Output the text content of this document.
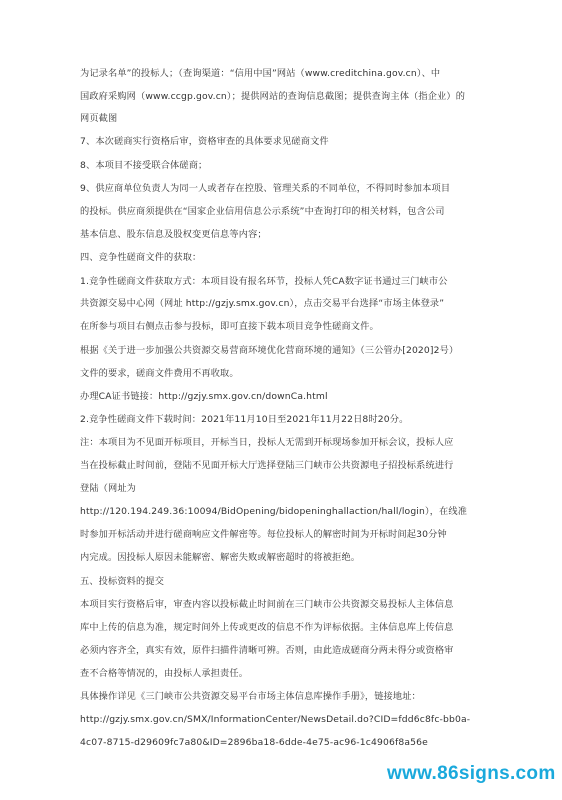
为记录名单”的投标人；（查询渠道：“信用中国”网站（www.creditchina.gov.cn）、中
国政府采购网（www.ccgp.gov.cn）；提供网站的查询信息截图；提供查询主体（指企业）的
网页截图
7、本次磋商实行资格后审，资格审查的具体要求见磋商文件
8、本项目不接受联合体磋商；
9、供应商单位负责人为同一人或者存在控股、管理关系的不同单位，不得同时参加本项目
的投标。供应商须提供在“国家企业信用信息公示系统”中查询打印的相关材料，包含公司
基本信息、股东信息及股权变更信息等内容；
四、竞争性磋商文件的获取：
1.竞争性磋商文件获取方式：本项目设有报名环节，投标人凭CA数字证书通过三门峡市公
共资源交易中心网（网址 http://gzjy.smx.gov.cn），点击交易平台选择“市场主体登录”
在所参与项目右侧点击参与投标，即可直接下载本项目竞争性磋商文件。
根据《关于进一步加强公共资源交易营商环境优化营商环境的通知》（三公管办[2020]2号）
文件的要求，磋商文件费用不再收取。
办理CA证书链接：http://gzjy.smx.gov.cn/downCa.html
2.竞争性磋商文件下载时间：2021年11月10日至2021年11月22日8时20分。
注：本项目为不见面开标项目，开标当日，投标人无需到开标现场参加开标会议，投标人应
当在投标截止时间前，登陆不见面开标大厅选择登陆三门峡市公共资源电子招投标系统进行
登陆（网址为
http://120.194.249.36:10094/BidOpening/bidopeninghallaction/hall/login），在线准
时参加开标活动并进行磋商响应文件解密等。每位投标人的解密时间为开标时间起30分钟
内完成。因投标人原因未能解密、解密失败或解密超时的将被拒绝。
五、投标资料的提交
本项目实行资格后审，审查内容以投标截止时间前在三门峡市公共资源交易投标人主体信息
库中上传的信息为准，规定时间外上传或更改的信息不作为评标依据。主体信息库上传信息
必须内容齐全，真实有效，原件扫描件清晰可辨。否则，由此造成磋商分两未得分或资格审
查不合格等情况的，由投标人承担责任。
具体操作详见《三门峡市公共资源交易平台市场主体信息库操作手册》，链接地址：
http://gzjy.smx.gov.cn/SMX/InformationCenter/NewsDetail.do?CID=fdd6c8fc-bb0a-
4c07-8715-d29609fc7a80&ID=2896ba18-6dde-4e75-ac96-1c4906f8a56e
www.86signs.com
